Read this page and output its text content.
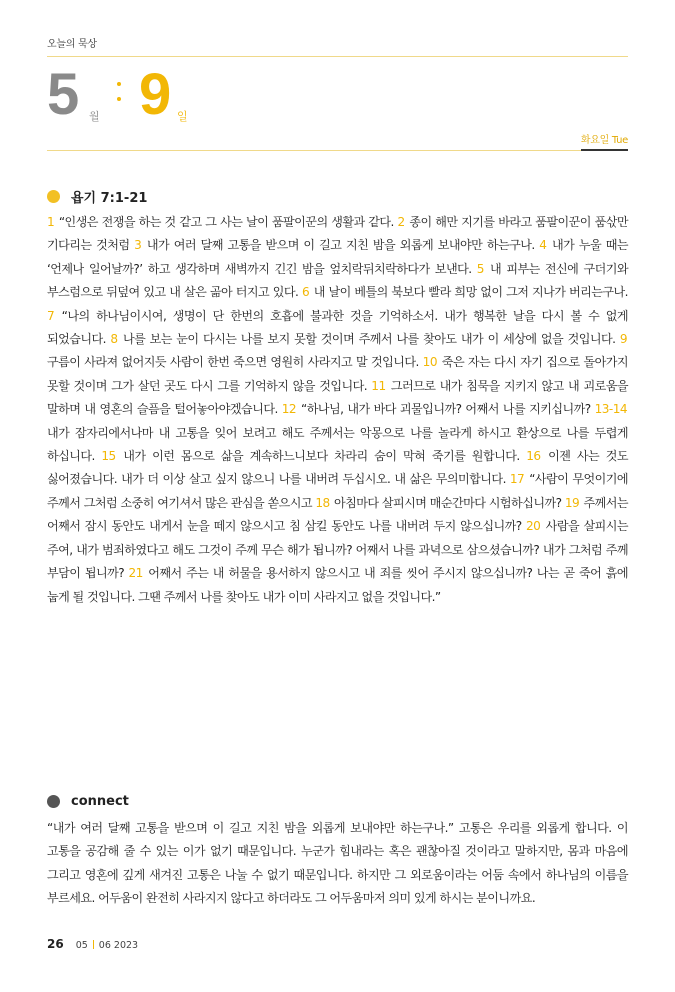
오늘의 묵상
5 월 9 일
화요일 Tue
욥기 7:1-21
1 “인생은 전쟁을 하는 것 같고 그 사는 날이 품팔이꾼의 생활과 같다. 2 종이 해만 지기를 바라고 품팔이꾼이 품삯만 기다리는 것처럼 3 내가 여러 달째 고통을 받으며 이 길고 지친 밤을 외롭게 보내야만 하는구나. 4 내가 누울 때는 ‘언제나 일어날까?’ 하고 생각하며 새벽까지 긴긴 밤을 엎치락뒤치락하다가 보낸다. 5 내 피부는 전신에 구더기와 부스럼으로 뒤덮여 있고 내 살은 곪아 터지고 있다. 6 내 날이 베틀의 북보다 빨라 희망 없이 그저 지나가 버리는구나. 7 “나의 하나님이시여, 생명이 단 한번의 호흡에 불과한 것을 기억하소서. 내가 행복한 날을 다시 볼 수 없게 되었습니다. 8 나를 보는 눈이 다시는 나를 보지 못할 것이며 주께서 나를 찾아도 내가 이 세상에 없을 것입니다. 9 구름이 사라져 없어지듯 사람이 한번 죽으면 영원히 사라지고 말 것입니다. 10 죽은 자는 다시 자기 집으로 돌아가지 못할 것이며 그가 살던 곳도 다시 그를 기억하지 않을 것입니다. 11 그러므로 내가 침묵을 지키지 않고 내 괴로움을 말하며 내 영혼의 슬픔을 털어놓아야겠습니다. 12 “하나님, 내가 바다 괴물입니까? 어째서 나를 지키십니까? 13-14 내가 잠자리에서나마 내 고통을 잊어 보려고 해도 주께서는 악몽으로 나를 놀라게 하시고 환상으로 나를 두렵게 하십니다. 15 내가 이런 몸으로 삶을 계속하느니보다 차라리 숨이 막혀 죽기를 원합니다. 16 이젠 사는 것도 싫어졌습니다. 내가 더 이상 살고 싶지 않으니 나를 내버려 두십시오. 내 삶은 무의미합니다. 17 “사람이 무엇이기에 주께서 그처럼 소중히 여기셔서 많은 관심을 쏟으시고 18 아침마다 살피시며 매순간마다 시험하십니까? 19 주께서는 어째서 잠시 동안도 내게서 눈을 떼지 않으시고 침 삼킬 동안도 나를 내버려 두지 않으십니까? 20 사람을 살피시는 주여, 내가 범죄하였다고 해도 그것이 주께 무슨 해가 됩니까? 어째서 나를 과녁으로 삼으셨습니까? 내가 그처럼 주께 부담이 됩니까? 21 어째서 주는 내 허물을 용서하지 않으시고 내 죄를 씻어 주시지 않으십니까? 나는 곧 죽어 흙에 눕게 될 것입니다. 그땐 주께서 나를 찾아도 내가 이미 사라지고 없을 것입니다.”
connect
“내가 여러 달째 고통을 받으며 이 길고 지친 밤을 외롭게 보내야만 하는구나.” 고통은 우리를 외롭게 합니다. 이 고통을 공감해 줄 수 있는 이가 없기 때문입니다. 누군가 힘내라는 혹은 괜찮아질 것이라고 말하지만, 몸과 마음에 그리고 영혼에 깊게 새겨진 고통은 나눌 수 없기 때문입니다. 하지만 그 외로움이라는 어둠 속에서 하나님의 이름을 부르세요. 어두움이 완전히 사라지지 않다고 하더라도 그 어두움마저 의미 있게 하시는 분이니까요.
26 05 06 2023
